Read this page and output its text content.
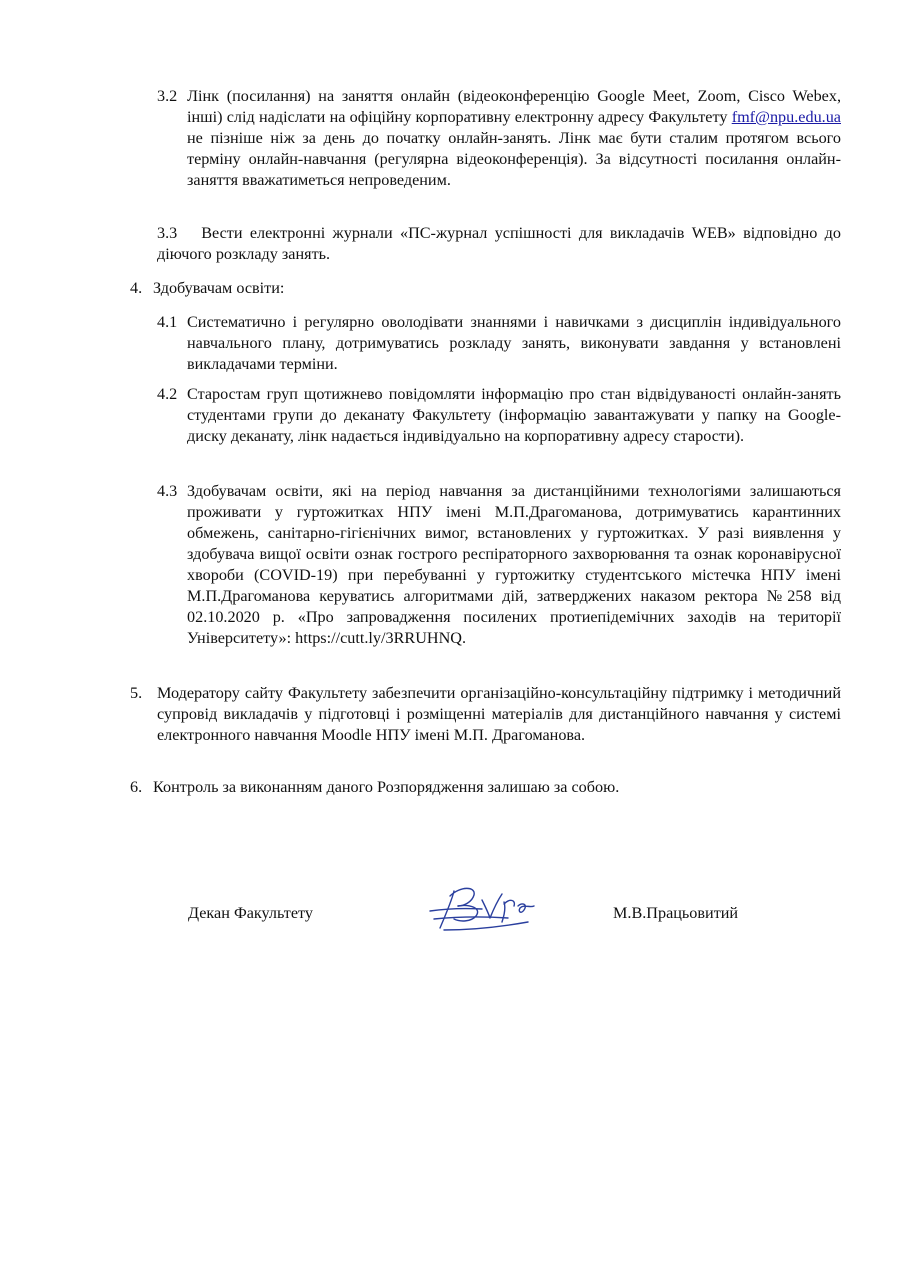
3.2 Лінк (посилання) на заняття онлайн (відеоконференцію Google Meet, Zoom, Cisco Webex, інші) слід надіслати на офіційну корпоративну електронну адресу Факультету fmf@npu.edu.ua не пізніше ніж за день до початку онлайн-занять. Лінк має бути сталим протягом всього терміну онлайн-навчання (регулярна відеоконференція). За відсутності посилання онлайн-заняття вважатиметься непроведеним.
3.3 Вести електронні журнали «ПС-журнал успішності для викладачів WEB» відповідно до діючого розкладу занять.
4. Здобувачам освіти:
4.1 Систематично і регулярно оволодівати знаннями і навичками з дисциплін індивідуального навчального плану, дотримуватись розкладу занять, виконувати завдання у встановлені викладачами терміни.
4.2 Старостам груп щотижнево повідомляти інформацію про стан відвідуваності онлайн-занять студентами групи до деканату Факультету (інформацію завантажувати у папку на Google-диску деканату, лінк надається індивідуально на корпоративну адресу старости).
4.3 Здобувачам освіти, які на період навчання за дистанційними технологіями залишаються проживати у гуртожитках НПУ імені М.П.Драгоманова, дотримуватись карантинних обмежень, санітарно-гігієнічних вимог, встановлених у гуртожитках. У разі виявлення у здобувача вищої освіти ознак гострого респіраторного захворювання та ознак коронавірусної хвороби (COVID-19) при перебуванні у гуртожитку студентського містечка НПУ імені М.П.Драгоманова керуватись алгоритмами дій, затверджених наказом ректора №258 від 02.10.2020 р. «Про запровадження посилених протиепідемічних заходів на території Університету»: https://cutt.ly/3RRUHNQ.
5. Модератору сайту Факультету забезпечити організаційно-консультаційну підтримку і методичний супровід викладачів у підготовці і розміщенні матеріалів для дистанційного навчання у системі електронного навчання Moodle НПУ імені М.П. Драгоманова.
6. Контроль за виконанням даного Розпорядження залишаю за собою.
Декан Факультету	М.В.Працьовитий
